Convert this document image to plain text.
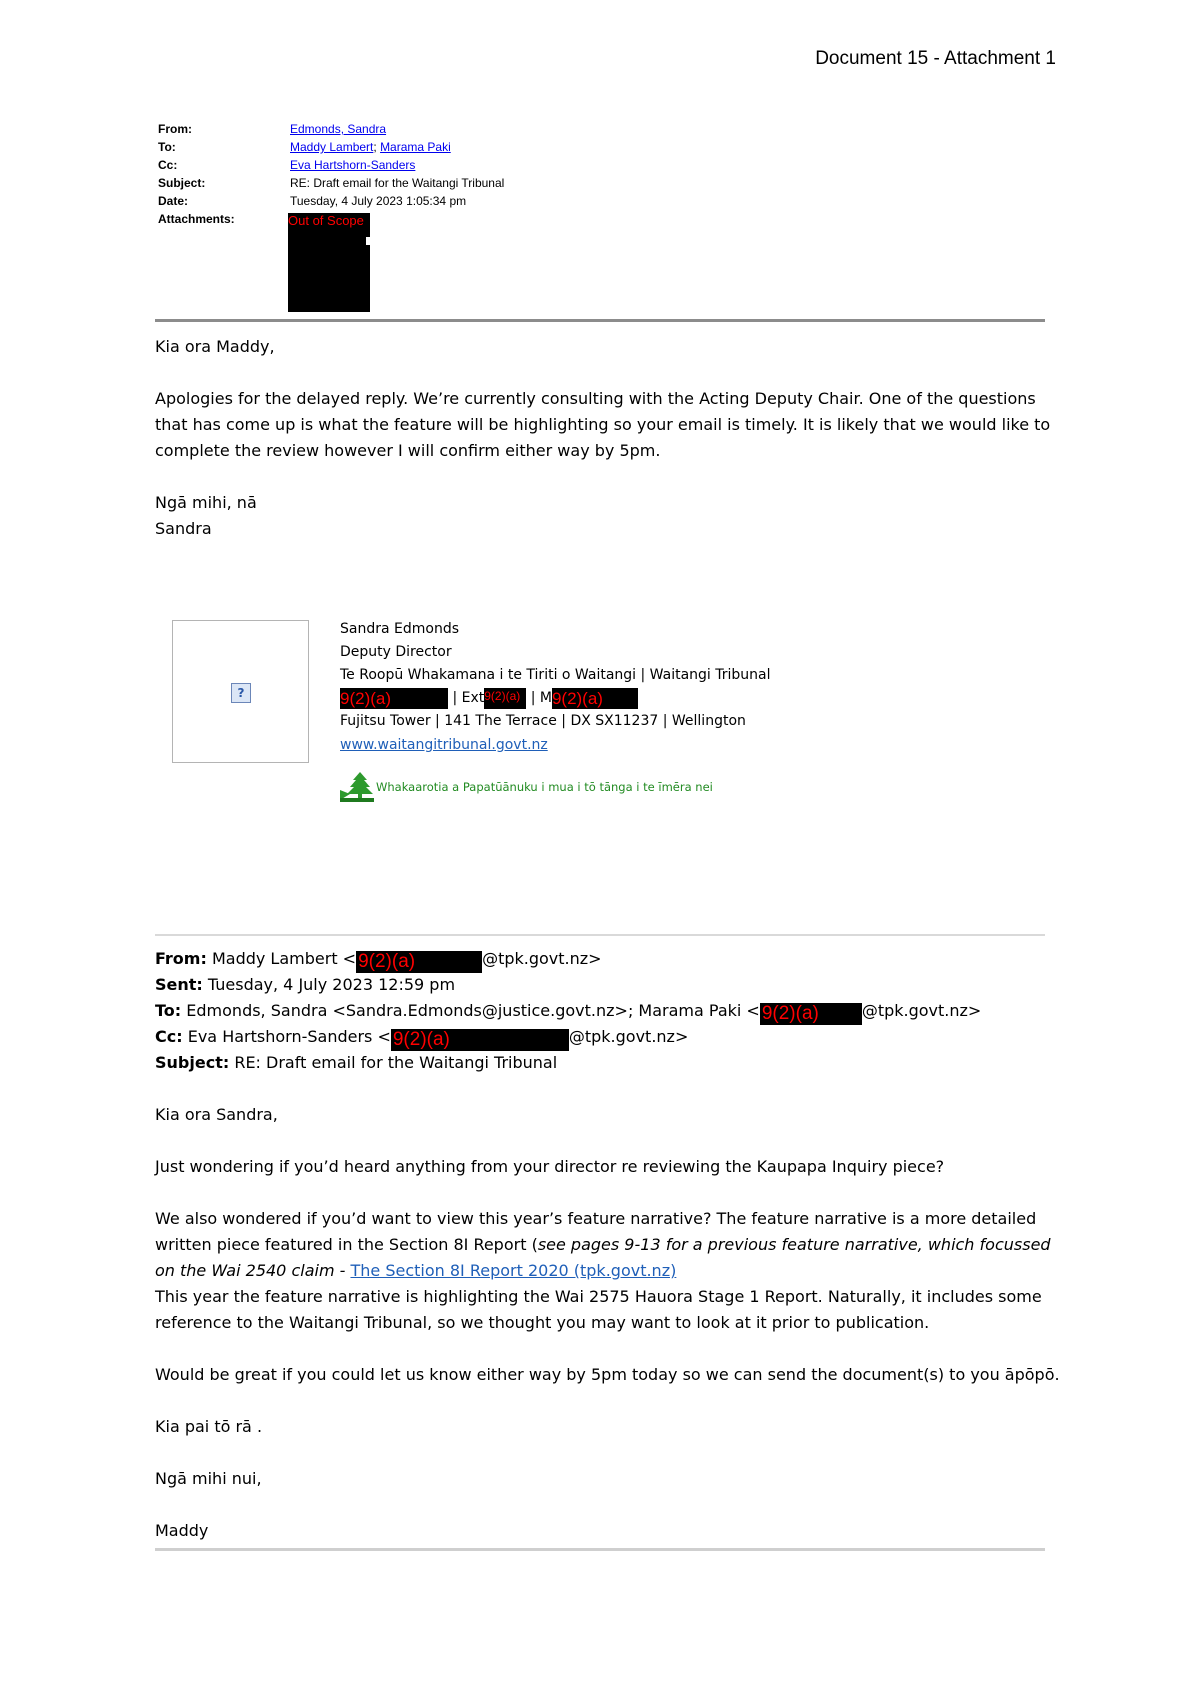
Document 15 - Attachment 1
From:	Edmonds, Sandra
To:	Maddy Lambert; Marama Paki
Cc:	Eva Hartshorn-Sanders
Subject:	RE: Draft email for the Waitangi Tribunal
Date:	Tuesday, 4 July 2023 1:05:34 pm
Attachments:	Out of Scope
Kia ora Maddy,
Apologies for the delayed reply. We’re currently consulting with the Acting Deputy Chair. One of the questions
that has come up is what the feature will be highlighting so your email is timely. It is likely that we would like to
complete the review however I will confirm either way by 5pm.
Ngā mihi, nā
Sandra
?
Sandra Edmonds
Deputy Director
Te Roopū Whakamana i te Tiriti o Waitangi | Waitangi Tribunal
9(2)(a)	| Ext9(2)(a) | M9(2)(a)
Fujitsu Tower | 141 The Terrace | DX SX11237 | Wellington
www.waitangitribunal.govt.nz
Whakaarotia a Papatūānuku i mua i tō tānga i te īmēra nei
From: Maddy Lambert < 9(2)(a)	@tpk.govt.nz>
Sent: Tuesday, 4 July 2023 12:59 pm
To: Edmonds, Sandra <Sandra.Edmonds@justice.govt.nz>; Marama Paki < 9(2)(a)	@tpk.govt.nz>
Cc: Eva Hartshorn-Sanders < 9(2)(a)	@tpk.govt.nz>
Subject: RE: Draft email for the Waitangi Tribunal
Kia ora Sandra,
Just wondering if you’d heard anything from your director re reviewing the Kaupapa Inquiry piece?
We also wondered if you’d want to view this year’s feature narrative? The feature narrative is a more detailed
written piece featured in the Section 8I Report (see pages 9-13 for a previous feature narrative, which focussed
on the Wai 2540 claim - The Section 8I Report 2020 (tpk.govt.nz)
This year the feature narrative is highlighting the Wai 2575 Hauora Stage 1 Report. Naturally, it includes some
reference to the Waitangi Tribunal, so we thought you may want to look at it prior to publication.
Would be great if you could let us know either way by 5pm today so we can send the document(s) to you āpōpō.
Kia pai tō rā .
Ngā mihi nui,
Maddy
